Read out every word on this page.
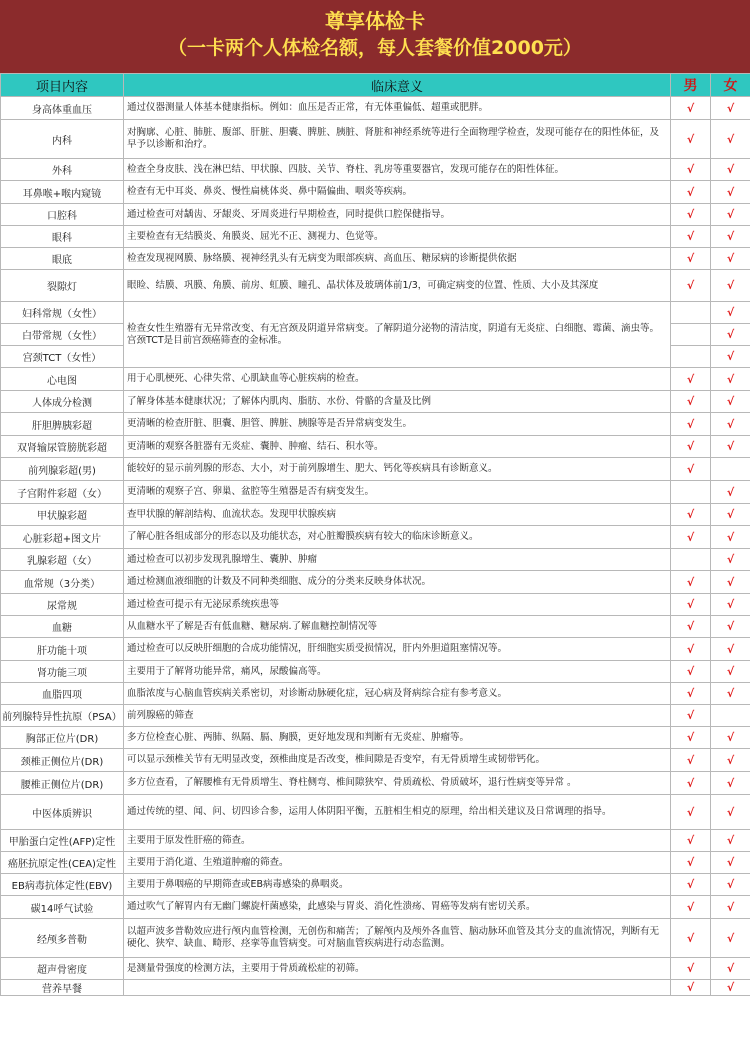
尊享体检卡
（一卡两个人体检名额，每人套餐价值2000元）
项目内容	临床意义	男	女
身高体重血压	通过仪器测量人体基本健康指标。例如：血压是否正常，有无体重偏低、超重或肥胖。	√	√
内科	对胸廓、心脏、肺脏、腹部、肝脏、胆囊、脾脏、胰脏、肾脏和神经系统等进行全面物理学检查，发现可能存在的阳性体征，及早予以诊断和治疗。	√	√
外科	检查全身皮肤、浅在淋巴结、甲状腺、四肢、关节、脊柱、乳房等重要器官，发现可能存在的阳性体征。	√	√
耳鼻喉+喉内窥镜	检查有无中耳炎、鼻炎、慢性扁桃体炎、鼻中隔偏曲、咽炎等疾病。	√	√
口腔科	通过检查可对龋齿、牙龈炎、牙周炎进行早期检查，同时提供口腔保健指导。	√	√
眼科	主要检查有无结膜炎、角膜炎、屈光不正、测视力、色觉等。	√	√
眼底	检查发现视网膜、脉络膜、视神经乳头有无病变为眼部疾病、高血压、糖尿病的诊断提供依据	√	√
裂隙灯	眼睑、结膜、巩膜、角膜、前房、虹膜、瞳孔、晶状体及玻璃体前1/3，可确定病变的位置、性质、大小及其深度	√	√
妇科常规（女性）	检查女性生殖器有无异常改变、有无宫颈及阴道异常病变。了解阴道分泌物的清洁度，阴道有无炎症、白细胞、霉菌、滴虫等。宫颈TCT是目前宫颈癌筛查的金标准。		√
白带常规（女性）			√
宫颈TCT（女性）			√
心电图	用于心肌梗死、心律失常、心肌缺血等心脏疾病的检查。	√	√
人体成分检测	了解身体基本健康状况；了解体内肌肉、脂肪、水份、骨骼的含量及比例	√	√
肝胆脾胰彩超	更清晰的检查肝脏、胆囊、胆管、脾脏、胰腺等是否异常病变发生。	√	√
双肾输尿管膀胱彩超	更清晰的观察各脏器有无炎症、囊肿、肿瘤、结石、积水等。	√	√
前列腺彩超(男)	能较好的显示前列腺的形态、大小，对于前列腺增生、肥大、钙化等疾病具有诊断意义。	√	
子宫附件彩超（女）	更清晰的观察子宫、卵巢、盆腔等生殖器是否有病变发生。		√
甲状腺彩超	查甲状腺的解剖结构、血流状态。发现甲状腺疾病	√	√
心脏彩超+图文片	了解心脏各组成部分的形态以及功能状态，对心脏瓣膜疾病有较大的临床诊断意义。	√	√
乳腺彩超（女）	通过检查可以初步发现乳腺增生、囊肿、肿瘤		√
血常规（3分类）	通过检测血液细胞的计数及不同种类细胞、成分的分类来反映身体状况。	√	√
尿常规	通过检查可提示有无泌尿系统疾患等	√	√
血糖	从血糖水平了解是否有低血糖、糖尿病.了解血糖控制情况等	√	√
肝功能十项	通过检查可以反映肝细胞的合成功能情况，肝细胞实质受损情况，肝内外胆道阻塞情况等。	√	√
肾功能三项	主要用于了解肾功能异常，痛风，尿酸偏高等。	√	√
血脂四项	血脂浓度与心脑血管疾病关系密切，对诊断动脉硬化症，冠心病及肾病综合症有参考意义。	√	√
前列腺特异性抗原（PSA）	前列腺癌的筛查	√	
胸部正位片(DR)	多方位检查心脏、两肺、纵隔、膈、胸膜，更好地发现和判断有无炎症、肿瘤等。	√	√
颈椎正侧位片(DR)	可以显示颈椎关节有无明显改变，颈椎曲度是否改变，椎间隙是否变窄，有无骨质增生或韧带钙化。	√	√
腰椎正侧位片(DR)	多方位查看，了解腰椎有无骨质增生、脊柱侧弯、椎间隙狭窄、骨质疏松、骨质破坏，退行性病变等异常 。	√	√
中医体质辨识	通过传统的望、闻、问、切四诊合参，运用人体阴阳平衡，五脏相生相克的原理，给出相关建议及日常调理的指导。	√	√
甲胎蛋白定性(AFP)定性	主要用于原发性肝癌的筛查。	√	√
癌胚抗原定性(CEA)定性	主要用于消化道、生殖道肿瘤的筛查。	√	√
EB病毒抗体定性(EBV)	主要用于鼻咽癌的早期筛查或EB病毒感染的鼻咽炎。	√	√
碳14呼气试验	通过吹气了解胃内有无幽门螺旋杆菌感染，此感染与胃炎、消化性溃疡、胃癌等发病有密切关系。	√	√
经颅多普勒	以超声波多普勒效应进行颅内血管检测，无创伤和痛苦；了解颅内及颅外各血管、脑动脉环血管及其分支的血流情况，判断有无硬化、狭窄、缺血、畸形、痉挛等血管病变。可对脑血管疾病进行动态监测。	√	√
超声骨密度	是测量骨强度的检测方法，主要用于骨质疏松症的初筛。	√	√
营养早餐		√	√
